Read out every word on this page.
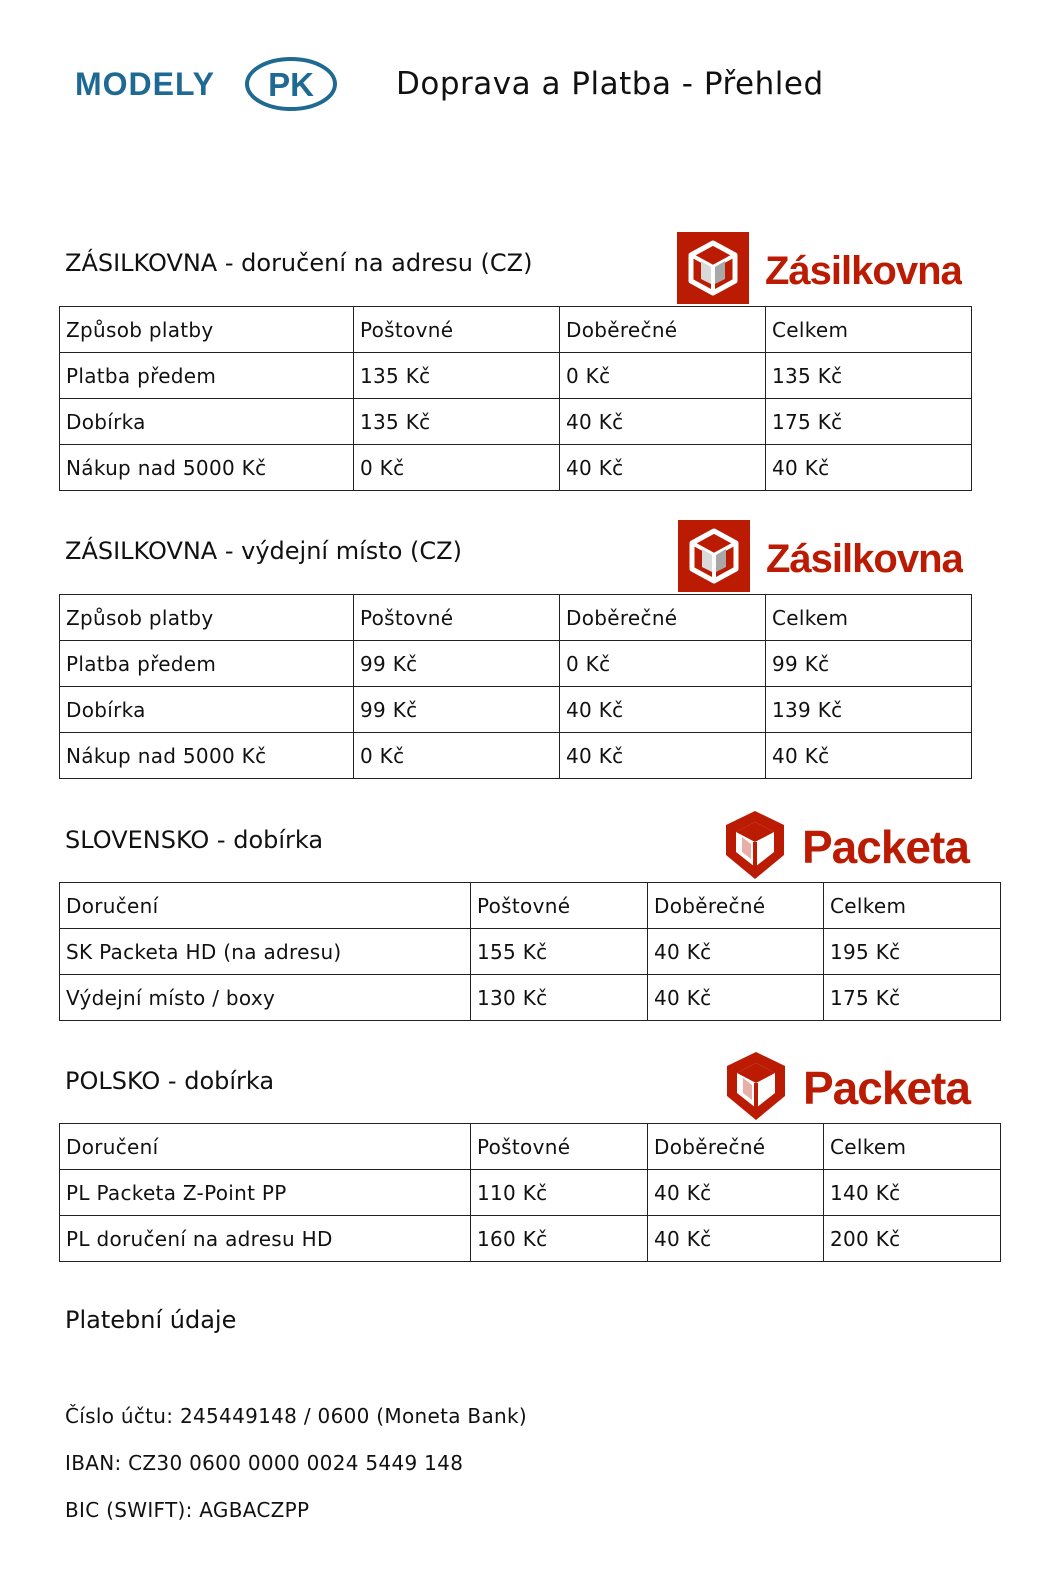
MODELY PK	Doprava a Platba - Přehled
ZÁSILKOVNA - doručení na adresu (CZ)	Zásilkovna
Způsob platby	Poštovné	Doběrečné	Celkem
Platba předem	135 Kč	0 Kč	135 Kč
Dobírka	135 Kč	40 Kč	175 Kč
Nákup nad 5000 Kč	0 Kč	40 Kč	40 Kč
ZÁSILKOVNA - výdejní místo (CZ)	Zásilkovna
Způsob platby	Poštovné	Doběrečné	Celkem
Platba předem	99 Kč	0 Kč	99 Kč
Dobírka	99 Kč	40 Kč	139 Kč
Nákup nad 5000 Kč	0 Kč	40 Kč	40 Kč
SLOVENSKO - dobírka	Packeta
Doručení	Poštovné	Doběrečné	Celkem
SK Packeta HD (na adresu)	155 Kč	40 Kč	195 Kč
Výdejní místo / boxy	130 Kč	40 Kč	175 Kč
POLSKO - dobírka	Packeta
Doručení	Poštovné	Doběrečné	Celkem
PL Packeta Z-Point PP	110 Kč	40 Kč	140 Kč
PL doručení na adresu HD	160 Kč	40 Kč	200 Kč
Platební údaje
Číslo účtu: 245449148 / 0600 (Moneta Bank)
IBAN: CZ30 0600 0000 0024 5449 148
BIC (SWIFT): AGBACZPP
